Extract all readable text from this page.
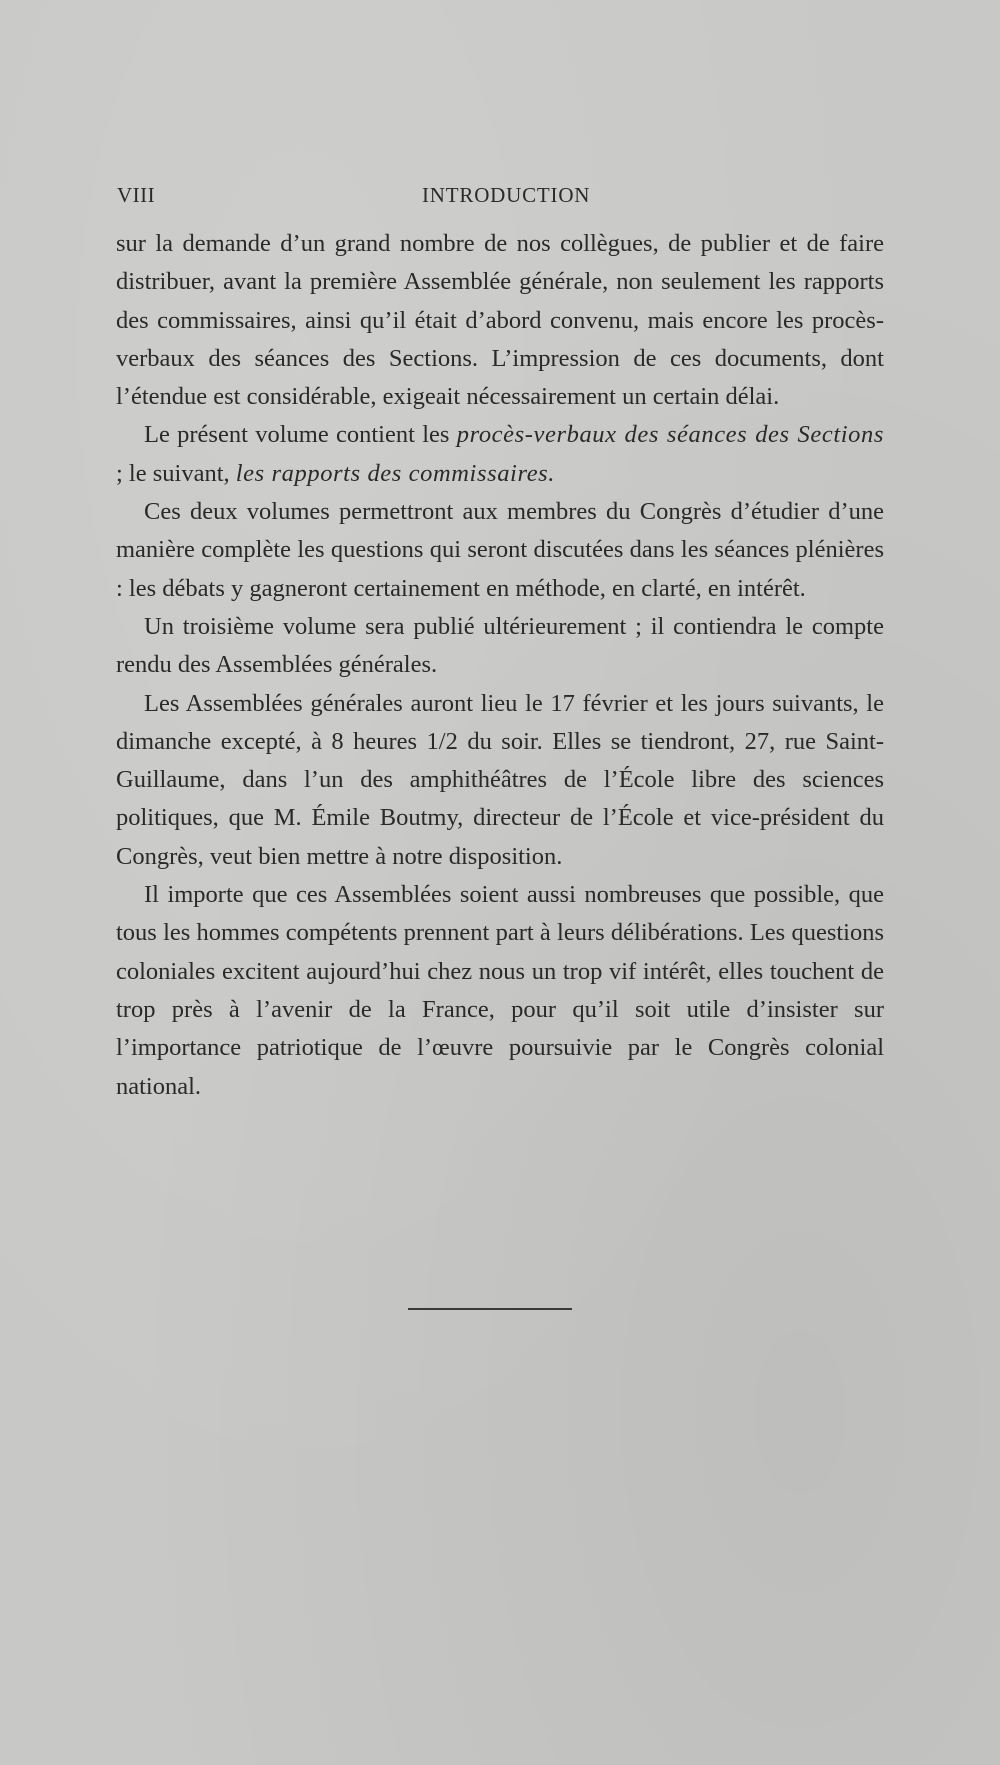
VIII	INTRODUCTION

sur la demande d’un grand nombre de nos collègues, de publier et de faire distribuer, avant la première Assemblée générale, non seulement les rapports des commissaires, ainsi qu’il était d’abord convenu, mais encore les procès-verbaux des séances des Sections. L’impression de ces documents, dont l’étendue est considérable, exigeait nécessairement un certain délai.

Le présent volume contient les procès-verbaux des séances des Sections ; le suivant, les rapports des commissaires.

Ces deux volumes permettront aux membres du Congrès d’étudier d’une manière complète les questions qui seront discutées dans les séances plénières : les débats y gagneront certainement en méthode, en clarté, en intérêt.

Un troisième volume sera publié ultérieurement ; il contiendra le compte rendu des Assemblées générales.

Les Assemblées générales auront lieu le 17 février et les jours suivants, le dimanche excepté, à 8 heures 1/2 du soir. Elles se tiendront, 27, rue Saint-Guillaume, dans l’un des amphithéâtres de l’École libre des sciences politiques, que M. Émile Boutmy, directeur de l’École et vice-président du Congrès, veut bien mettre à notre disposition.

Il importe que ces Assemblées soient aussi nombreuses que possible, que tous les hommes compétents prennent part à leurs délibérations. Les questions coloniales excitent aujourd’hui chez nous un trop vif intérêt, elles touchent de trop près à l’avenir de la France, pour qu’il soit utile d’insister sur l’importance patriotique de l’œuvre poursuivie par le Congrès colonial national.
